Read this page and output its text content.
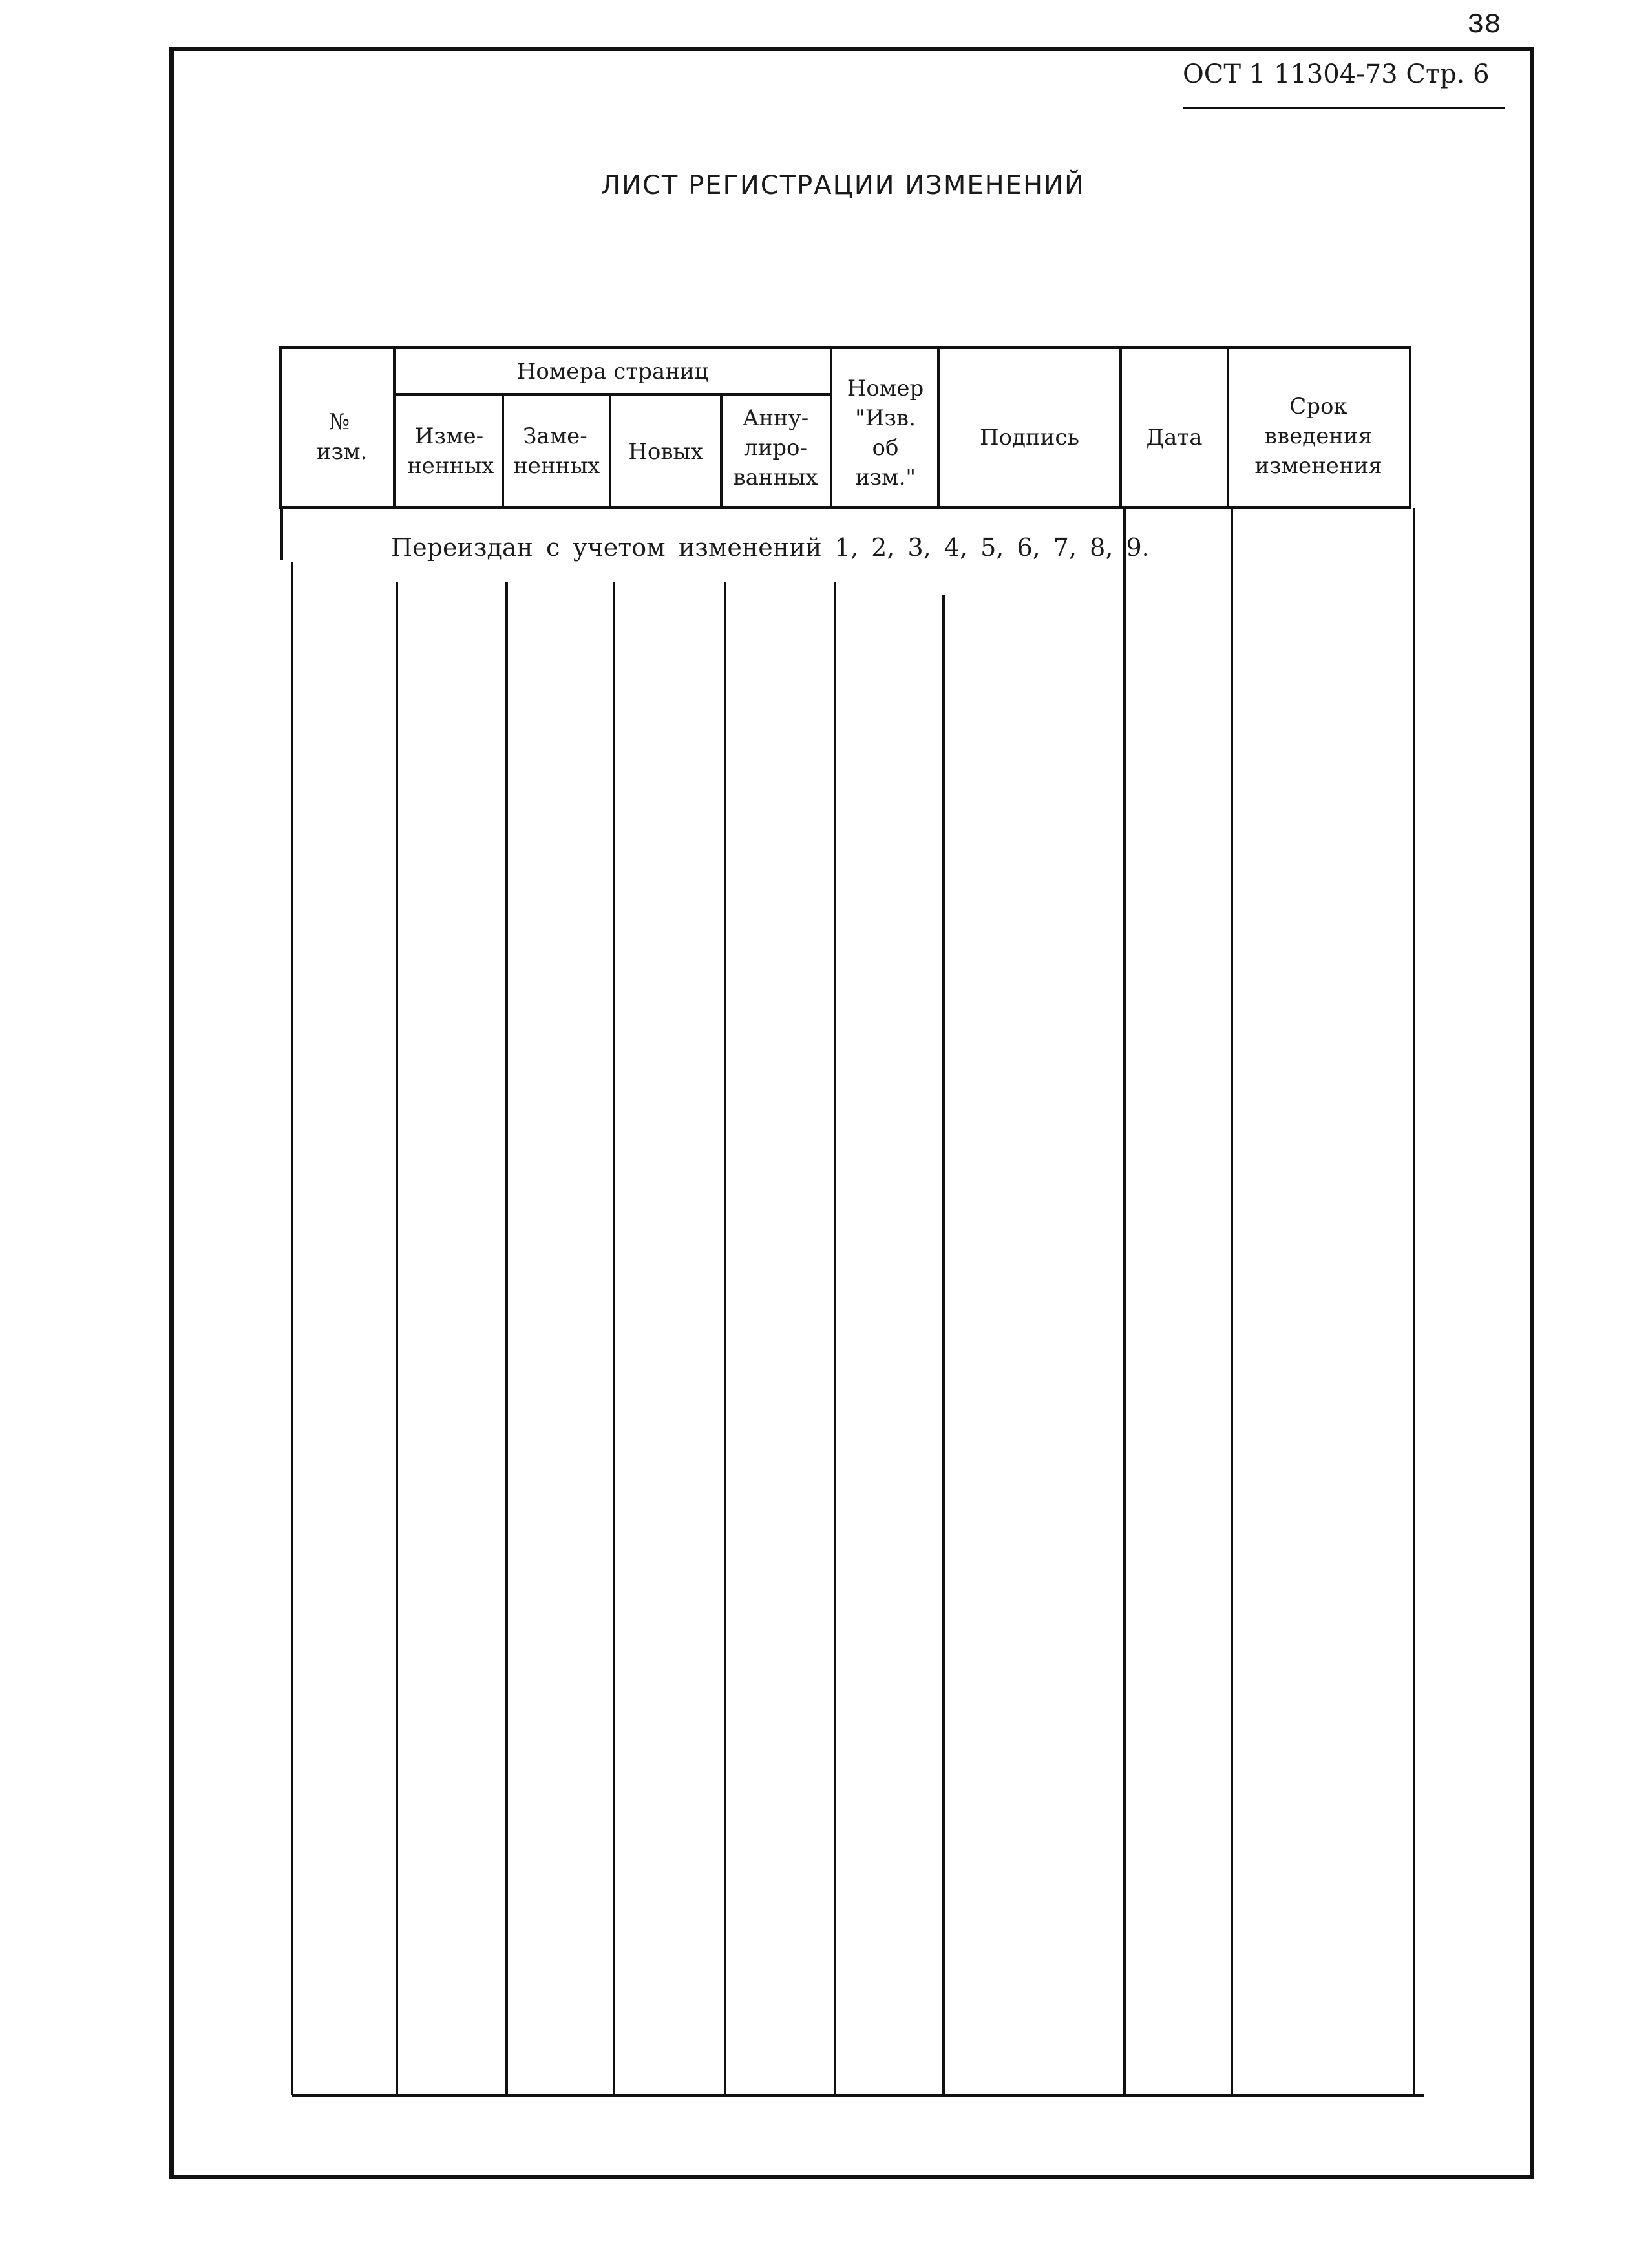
38
ОСТ 1 11304-73 Стр. 6
ЛИСТ РЕГИСТРАЦИИ ИЗМЕНЕНИЙ
№ изм.
Номера страниц
Изме- ненных
Заме- ненных
Новых
Анну- лиро- ванных
Номер "Изв. об изм."
Подпись	Дата
Срок введения изменения
Переиздан с учетом изменений 1, 2, 3, 4, 5, 6, 7, 8, 9.
